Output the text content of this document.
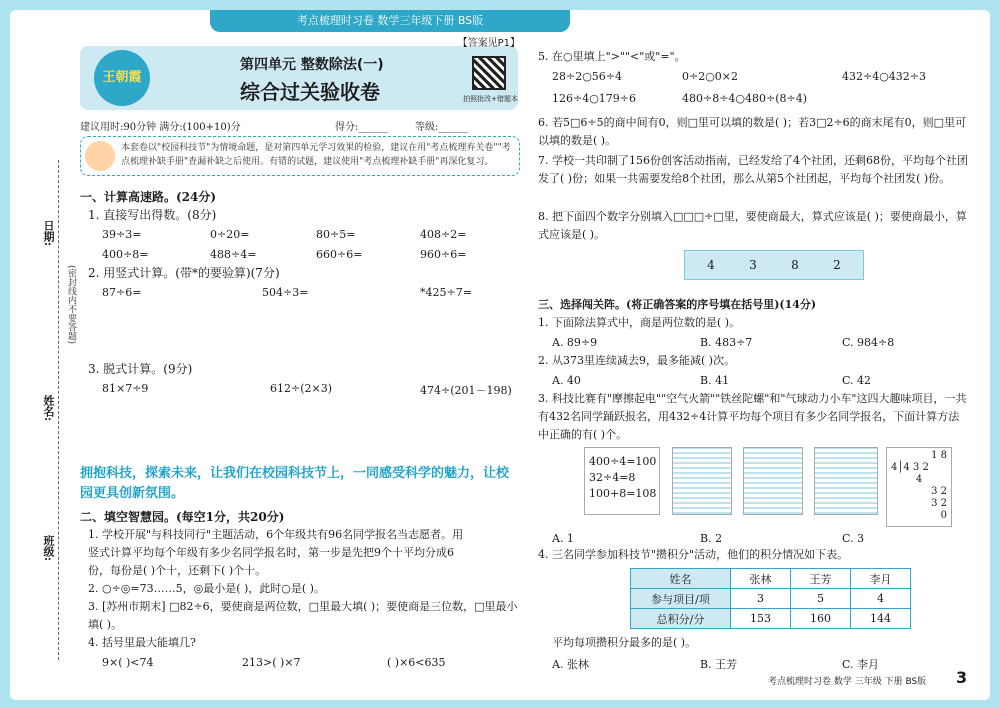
考点梳理时习卷 数学三年级下册 BS版
日期:
姓名:
班级:
(密封线内不要答题)
王朝霞
第四单元 整数除法(一)
综合过关验收卷	拍照批改+错题本
【答案见P1】
建议用时:90分钟 满分:(100+10)分	得分:______	等级:______
本套卷以"校园科技节"为情境命题，是对第四单元学习效果的检验，建议在用"考点梳理弃关卷""考点梳理补缺手册"查漏补缺之后使用。有错的试题，建议使用"考点梳理补缺手册"再深化复习。
一、计算高速路。(24分)
1. 直接写出得数。(8分)
39÷3=	0÷20=	80÷5=	408÷2=
400÷8=	488÷4=	660÷6=	960÷6=
2. 用竖式计算。(带*的要验算)(7分)
87÷6=	504÷3=	*425÷7=
3. 脱式计算。(9分)
81×7÷9	612÷(2×3)	474÷(201－198)
拥抱科技，探索未来，让我们在校园科技节上，一同感受科学的魅力，让校园更具创新氛围。
二、填空智慧园。(每空1分，共20分)
1. 学校开展"与科技同行"主题活动，6个年级共有96名同学报名当志愿者。用竖式计算平均每个年级有多少名同学报名时，第一步是先把9个十平均分成6份，每份是( )个十，还剩下( )个十。
2. ○÷◎=73……5，◎最小是( )，此时○是( )。
3. [苏州市期末] □82÷6，要使商是两位数，□里最大填( )；要使商是三位数，□里最小填( )。
4. 括号里最大能填几?
9×( )<74	213>( )×7	( )×6<635
5. 在○里填上">""<"或"="。
28÷2○56÷4	0÷2○0×2	432÷4○432÷3
126÷4○179÷6	480÷8÷4○480÷(8÷4)
6. 若5□6÷5的商中间有0，则□里可以填的数是( )；若3□2÷6的商末尾有0，则□里可以填的数是( )。
7. 学校一共印制了156份创客活动指南，已经发给了4个社团，还剩68份，平均每个社团发了( )份；如果一共需要发给8个社团，那么从第5个社团起，平均每个社团发( )份。
8. 把下面四个数字分别填入□□□÷□里，要使商最大，算式应该是( )；要使商最小，算式应该是( )。
4	3	8	2
三、选择闯关阵。(将正确答案的序号填在括号里)(14分)
1. 下面除法算式中，商是两位数的是( )。
A. 89÷9	B. 483÷7	C. 984÷8
2. 从373里连续减去9，最多能减( )次。
A. 40	B. 41	C. 42
3. 科技比赛有"摩擦起电""空气火箭""铁丝陀螺"和"气球动力小车"这四大趣味项目，一共有432名同学踊跃报名，用432÷4计算平均每个项目有多少名同学报名，下面计算方法中正确的有( )个。
400÷4=100
32÷4=8
100+8=108
1 8
4│4 3 2
4
3 2
3 2
0
A. 1	B. 2	C. 3
4. 三名同学参加科技节"攒积分"活动，他们的积分情况如下表。
姓名	张林	王芳	李月
参与项目/项	3	5	4
总积分/分	153	160	144
平均每项攒积分最多的是( )。
A. 张林	B. 王芳	C. 李月
考点梳理时习卷 数学 三年级 下册 BS版 3
